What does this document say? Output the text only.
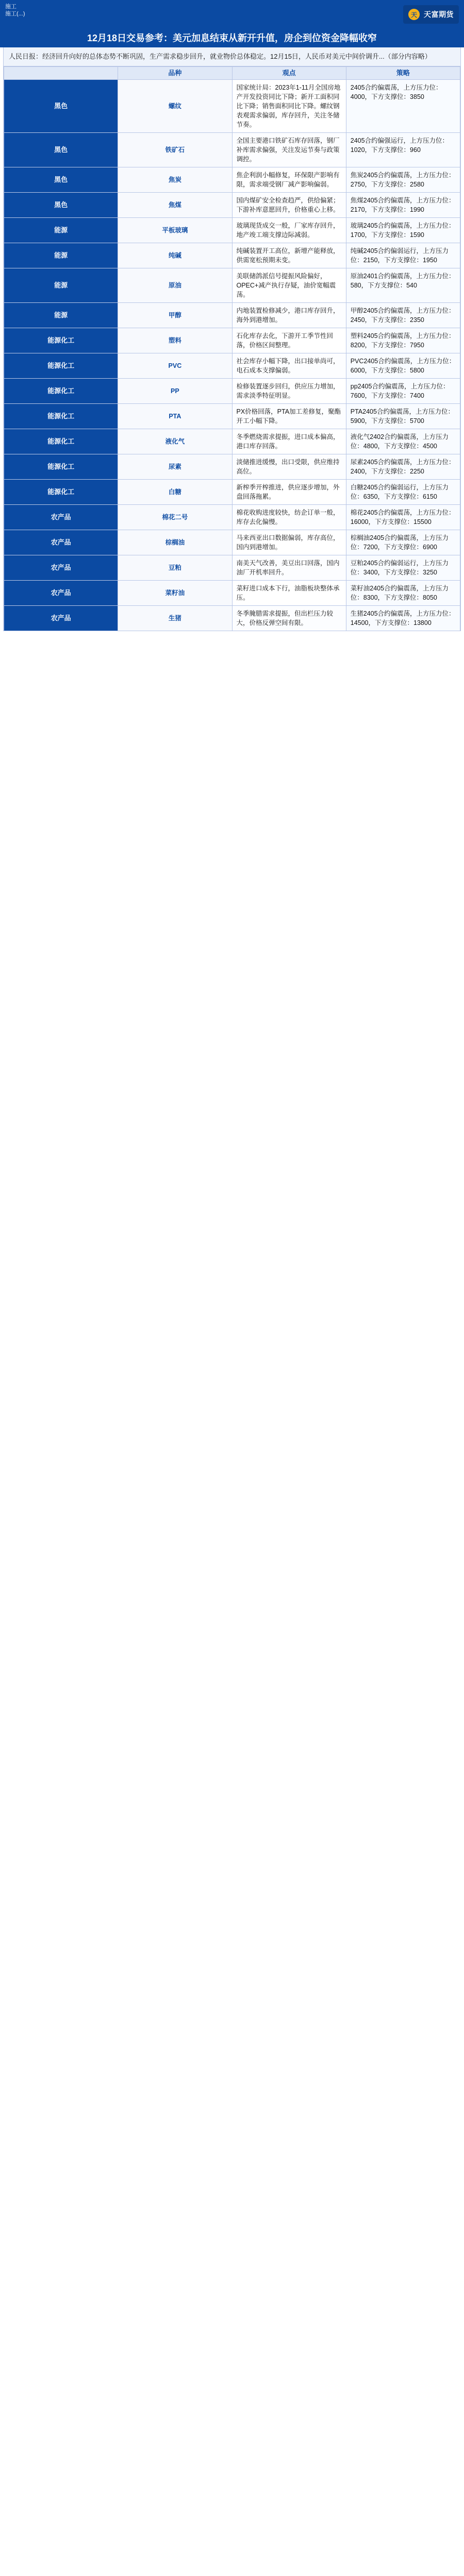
施工
施工(...)	天 天富期货
12月18日交易参考：美元加息结束从新开升值，房企到位资金降幅收窄
人民日报：经济回升向好的总体态势不断巩固，生产需求稳步回升，就业物价总体稳定。12月15日，人民币对美元中间价调升...（部分内容略）
	品种	观点	策略
黑色	螺纹	国家统计局：2023年1-11月全国房地产开发投资同比下降；新开工面积同比下降；销售面积同比下降。螺纹钢表观需求偏弱，库存回升，关注冬储节奏。	2405合约偏震荡，上方压力位：4000，下方支撑位：3850
黑色	铁矿石	全国主要港口铁矿石库存回落，钢厂补库需求偏强，关注发运节奏与政策调控。	2405合约偏强运行，上方压力位：1020，下方支撑位：960
黑色	焦炭	焦企利润小幅修复，环保限产影响有限，需求端受钢厂减产影响偏弱。	焦炭2405合约偏震荡，上方压力位：2750，下方支撑位：2580
黑色	焦煤	国内煤矿安全检查趋严，供给偏紧；下游补库意愿回升，价格重心上移。	焦煤2405合约偏震荡，上方压力位：2170，下方支撑位：1990
能源	平板玻璃	玻璃现货成交一般，厂家库存回升，地产竣工端支撑边际减弱。	玻璃2405合约偏震荡，上方压力位：1700，下方支撑位：1590
能源	纯碱	纯碱装置开工高位，新增产能释放，供需宽松预期未变。	纯碱2405合约偏弱运行，上方压力位：2150，下方支撑位：1950
能源	原油	美联储鸽派信号提振风险偏好，OPEC+减产执行存疑，油价宽幅震荡。	原油2401合约偏震荡，上方压力位：580，下方支撑位：540
能源	甲醇	内地装置检修减少，港口库存回升，海外到港增加。	甲醇2405合约偏震荡，上方压力位：2450，下方支撑位：2350
能源化工	塑料	石化库存去化，下游开工季节性回落，价格区间整理。	塑料2405合约偏震荡，上方压力位：8200，下方支撑位：7950
能源化工	PVC	社会库存小幅下降，出口接单尚可，电石成本支撑偏弱。	PVC2405合约偏震荡，上方压力位：6000，下方支撑位：5800
能源化工	PP	检修装置逐步回归，供应压力增加，需求淡季特征明显。	pp2405合约偏震荡，上方压力位：7600，下方支撑位：7400
能源化工	PTA	PX价格回落，PTA加工差修复，聚酯开工小幅下降。	PTA2405合约偏震荡，上方压力位：5900，下方支撑位：5700
能源化工	液化气	冬季燃烧需求提振，进口成本偏高，港口库存回落。	液化气2402合约偏震荡，上方压力位：4800，下方支撑位：4500
能源化工	尿素	淡储推进缓慢，出口受限，供应维持高位。	尿素2405合约偏震荡，上方压力位：2400，下方支撑位：2250
能源化工	白糖	新榨季开榨推进，供应逐步增加，外盘回落拖累。	白糖2405合约偏弱运行，上方压力位：6350，下方支撑位：6150
农产品	棉花二号	棉花收购进度较快，纺企订单一般，库存去化偏慢。	棉花2405合约偏震荡，上方压力位：16000，下方支撑位：15500
农产品	棕榈油	马来西亚出口数据偏弱，库存高位，国内到港增加。	棕榈油2405合约偏震荡，上方压力位：7200，下方支撑位：6900
农产品	豆粕	南美天气改善，美豆出口回落，国内油厂开机率回升。	豆粕2405合约偏弱运行，上方压力位：3400，下方支撑位：3250
农产品	菜籽油	菜籽进口成本下行，油脂板块整体承压。	菜籽油2405合约偏震荡，上方压力位：8300，下方支撑位：8050
农产品	生猪	冬季腌腊需求提振，但出栏压力较大，价格反弹空间有限。	生猪2405合约偏震荡，上方压力位：14500，下方支撑位：13800
